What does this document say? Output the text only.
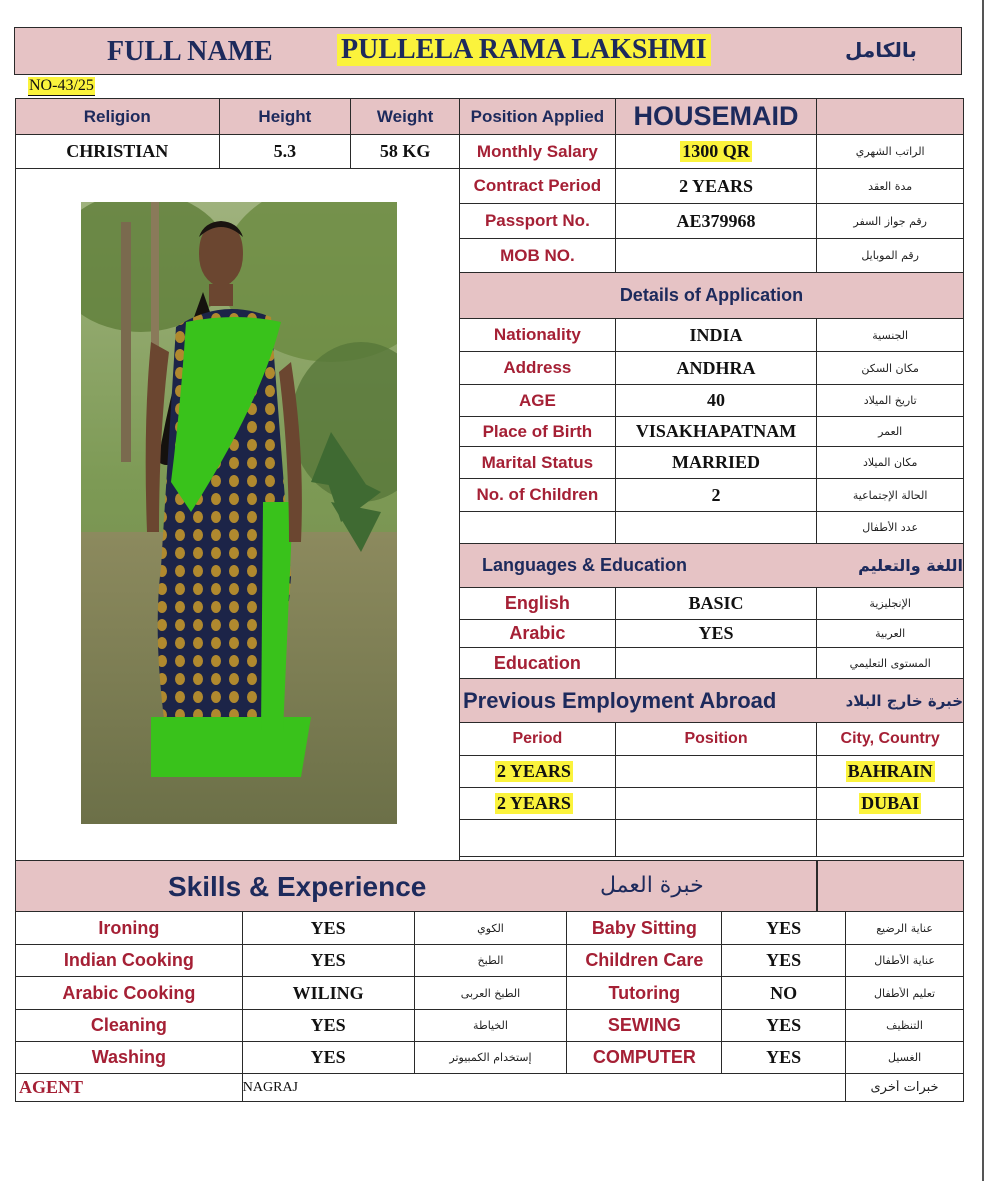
FULL NAME PULLELA RAMA LAKSHMI	بالكامل
NO-43/25
Religion	Height	Weight

CHRISTIAN	5.3	58 KG
Position Applied	HOUSEMAID	

Monthly Salary	1300 QR	الراتب الشهري

Contract Period	2 YEARS	مدة العقد

Passport No.	AE379968	رقم جواز السفر

MOB NO.		رقم الموبايل

Details of Application		

Nationality	INDIA	الجنسية

Address	ANDHRA	مكان السكن

AGE	40	تاريخ الميلاد

Place of Birth	VISAKHAPATNAM	العمر

Marital Status	MARRIED	مكان الميلاد

No. of Children	2	الحالة الإجتماعية

عدد الأطفال

Languages & Education		اللغة والتعليم

English	BASIC	الإنجليزية

Arabic	YES	العربية

Education		المستوى التعليمي

Previous Employment Abroad		خبرة خارج البلاد

Period	Position	City, Country

2 YEARS		BAHRAIN

2 YEARS		DUBAI

Skills & Experience	خبرة العمل
Ironing	YES	الكوي	Baby Sitting	YES	عناية الرضيع

Indian Cooking	YES	الطبخ	Children Care	YES	عناية الأطفال

Arabic Cooking	WILING	الطبخ العربى	Tutoring	NO	تعليم الأطفال

Cleaning	YES	الخياطة	SEWING	YES	التنظيف

Washing	YES	إستخدام الكمبيوتر	COMPUTER	YES	الغسيل

AGENT	NAGRAJ				خبرات أخرى
